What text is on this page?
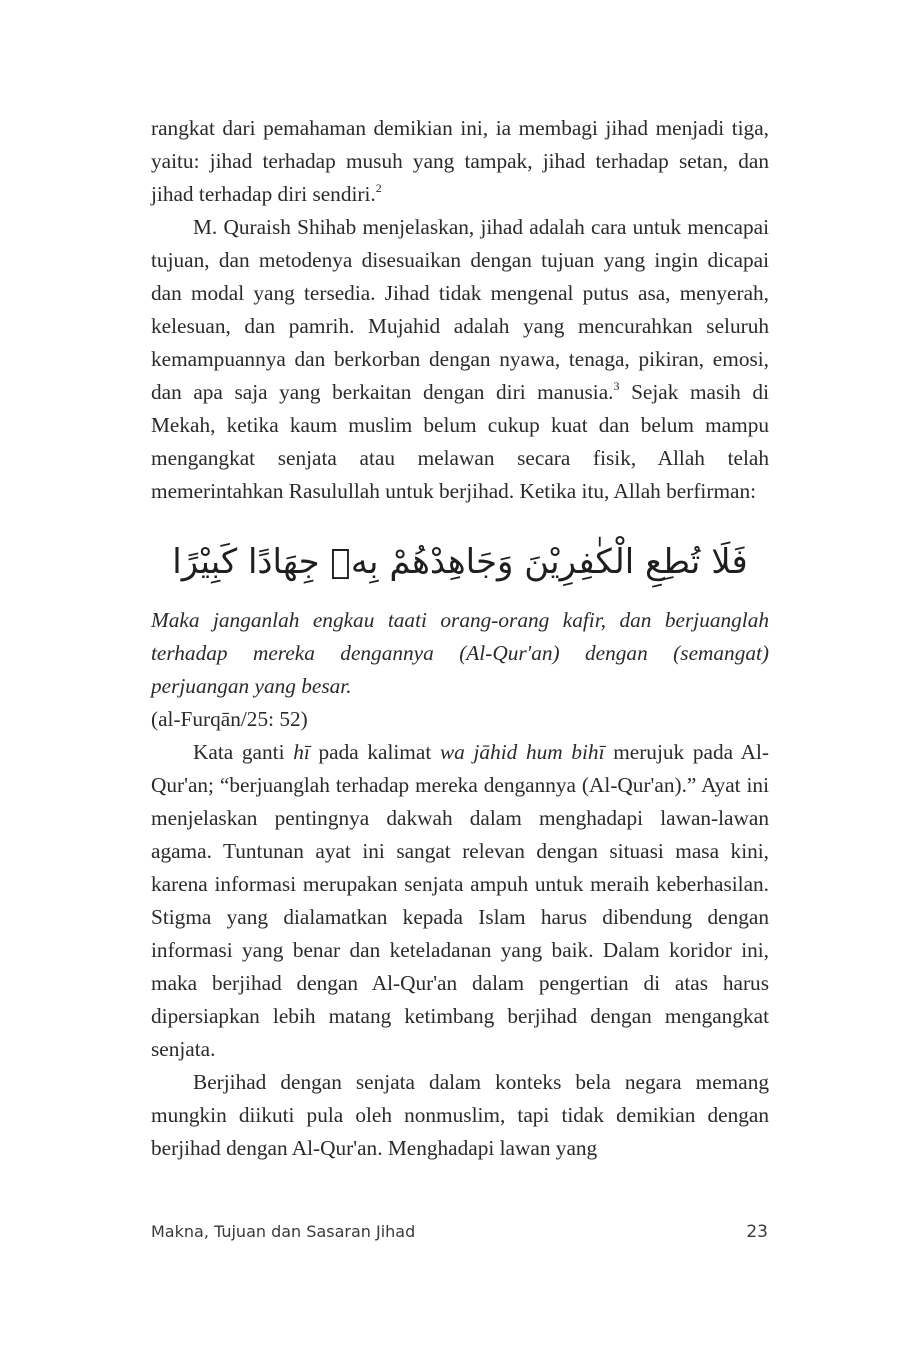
rangkat dari pemahaman demikian ini, ia membagi jihad menjadi tiga, yaitu: jihad terhadap musuh yang tampak, jihad terhadap setan, dan jihad terhadap diri sendiri.$^2$

M. Quraish Shihab menjelaskan, jihad adalah cara untuk mencapai tujuan, dan metodenya disesuaikan dengan tujuan yang ingin dicapai dan modal yang tersedia. Jihad tidak mengenal putus asa, menyerah, kelesuan, dan pamrih. Mujahid adalah yang mencurahkan seluruh kemampuannya dan berkorban dengan nyawa, tenaga, pikiran, emosi, dan apa saja yang berkaitan dengan diri manusia.$^3$ Sejak masih di Mekah, ketika kaum muslim belum cukup kuat dan belum mampu mengangkat senjata atau melawan secara fisik, Allah telah memerintahkan Rasulullah untuk berjihad. Ketika itu, Allah berfirman:

فَلَا تُطِعِ الْكٰفِرِيْنَ وَجَاهِدْهُمْ بِهٖ جِهَادًا كَبِيْرًا

Maka janganlah engkau taati orang-orang kafir, dan berjuanglah terhadap mereka dengannya (Al-Qur'an) dengan (semangat) perjuangan yang besar.

(al-Furqān/25: 52)

Kata ganti hī pada kalimat wa jāhid hum bihī merujuk pada Al-Qur'an; “berjuanglah terhadap mereka dengannya (Al-Qur'an).” Ayat ini menjelaskan pentingnya dakwah dalam menghadapi lawan-lawan agama. Tuntunan ayat ini sangat relevan dengan situasi masa kini, karena informasi merupakan senjata ampuh untuk meraih keberhasilan. Stigma yang dialamatkan kepada Islam harus dibendung dengan informasi yang benar dan keteladanan yang baik. Dalam koridor ini, maka berjihad dengan Al-Qur'an dalam pengertian di atas harus dipersiapkan lebih matang ketimbang berjihad dengan mengangkat senjata.

Berjihad dengan senjata dalam konteks bela negara memang mungkin diikuti pula oleh nonmuslim, tapi tidak demikian dengan berjihad dengan Al-Qur'an. Menghadapi lawan yang

Makna, Tujuan dan Sasaran Jihad	23
